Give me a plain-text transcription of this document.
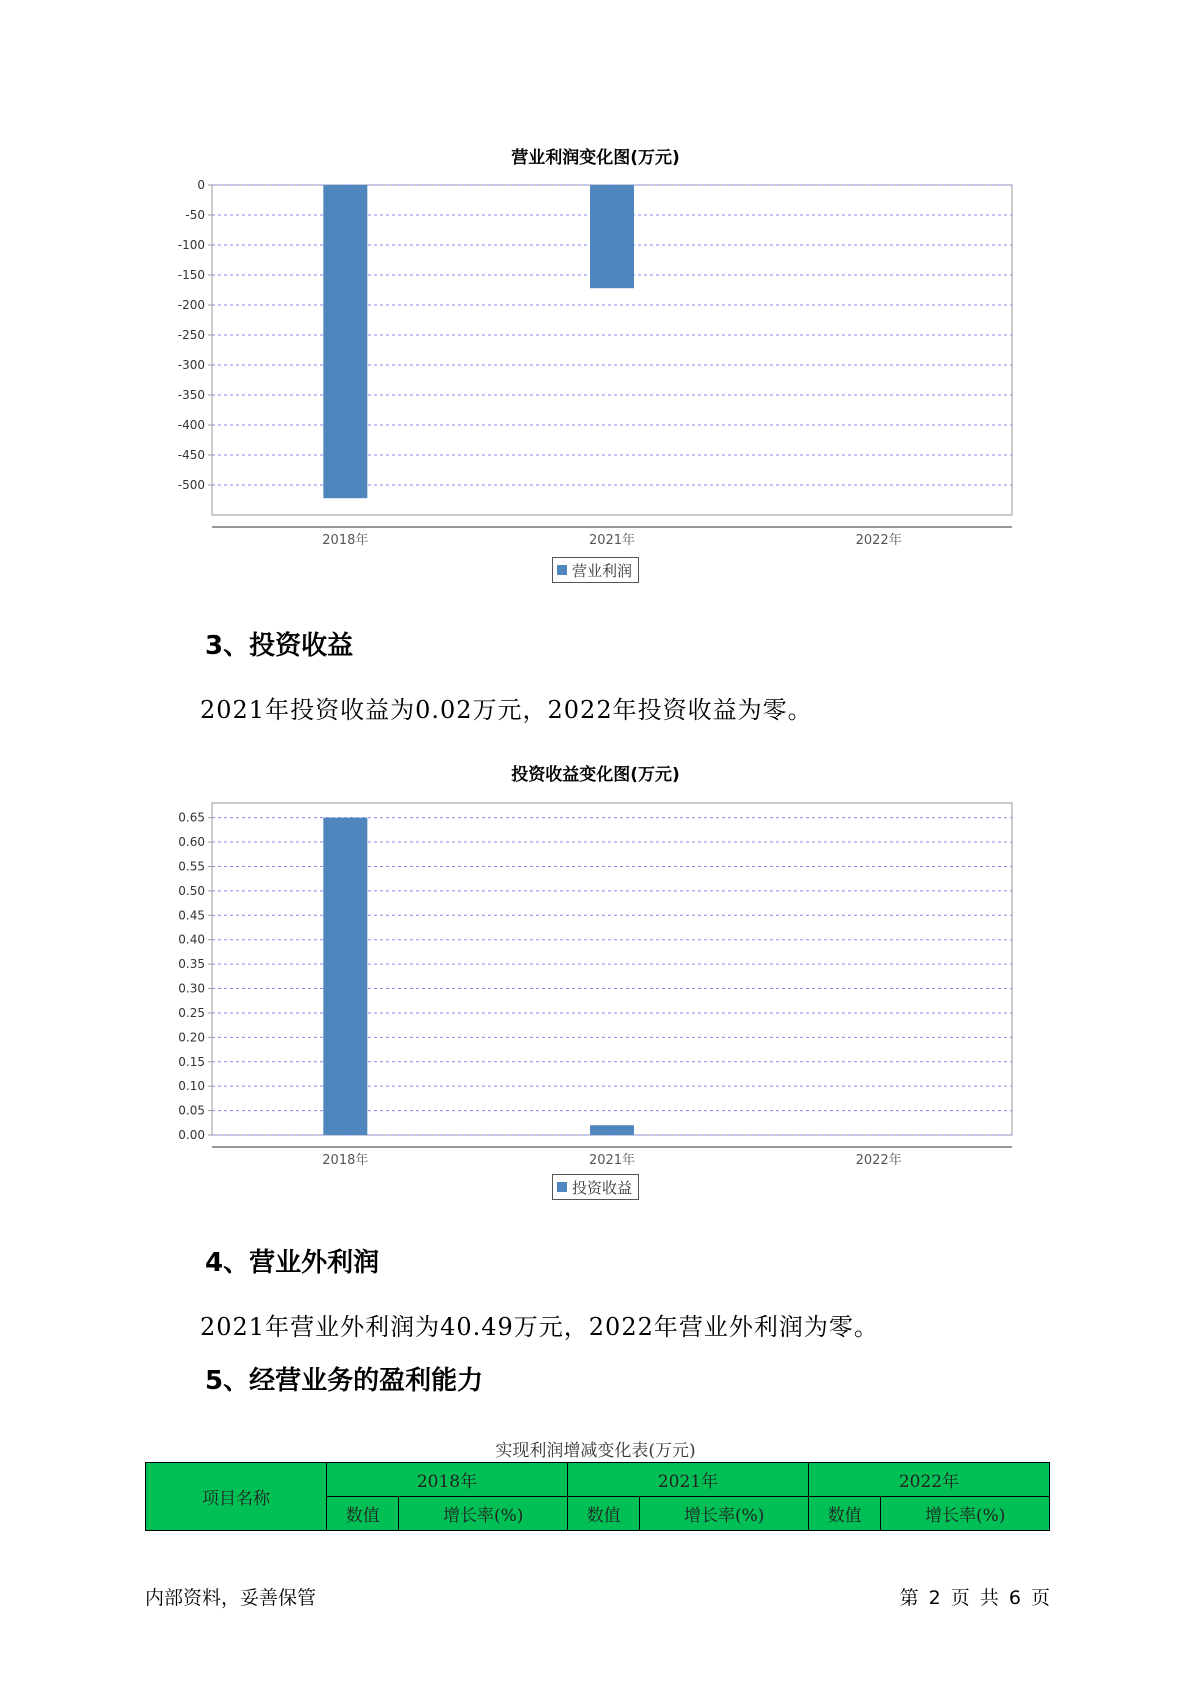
营业利润变化图(万元)
0
-50
-100
-150
-200
-250
-300
-350
-400
-450
-500
2018年	2021年	2022年
营业利润
3、投资收益
2021年投资收益为0.02万元，2022年投资收益为零。
投资收益变化图(万元)
0.65
0.60
0.55
0.50
0.45
0.40
0.35
0.30
0.25
0.20
0.15
0.10
0.05
0.00
2018年	2021年	2022年
投资收益
4、营业外利润
2021年营业外利润为40.49万元，2022年营业外利润为零。
5、经营业务的盈利能力
实现利润增减变化表(万元)
项目名称	2018年		2021年		2022年	
	数值	增长率(%)	数值	增长率(%)	数值	增长率(%)
内部资料，妥善保管	第 2 页 共 6 页
